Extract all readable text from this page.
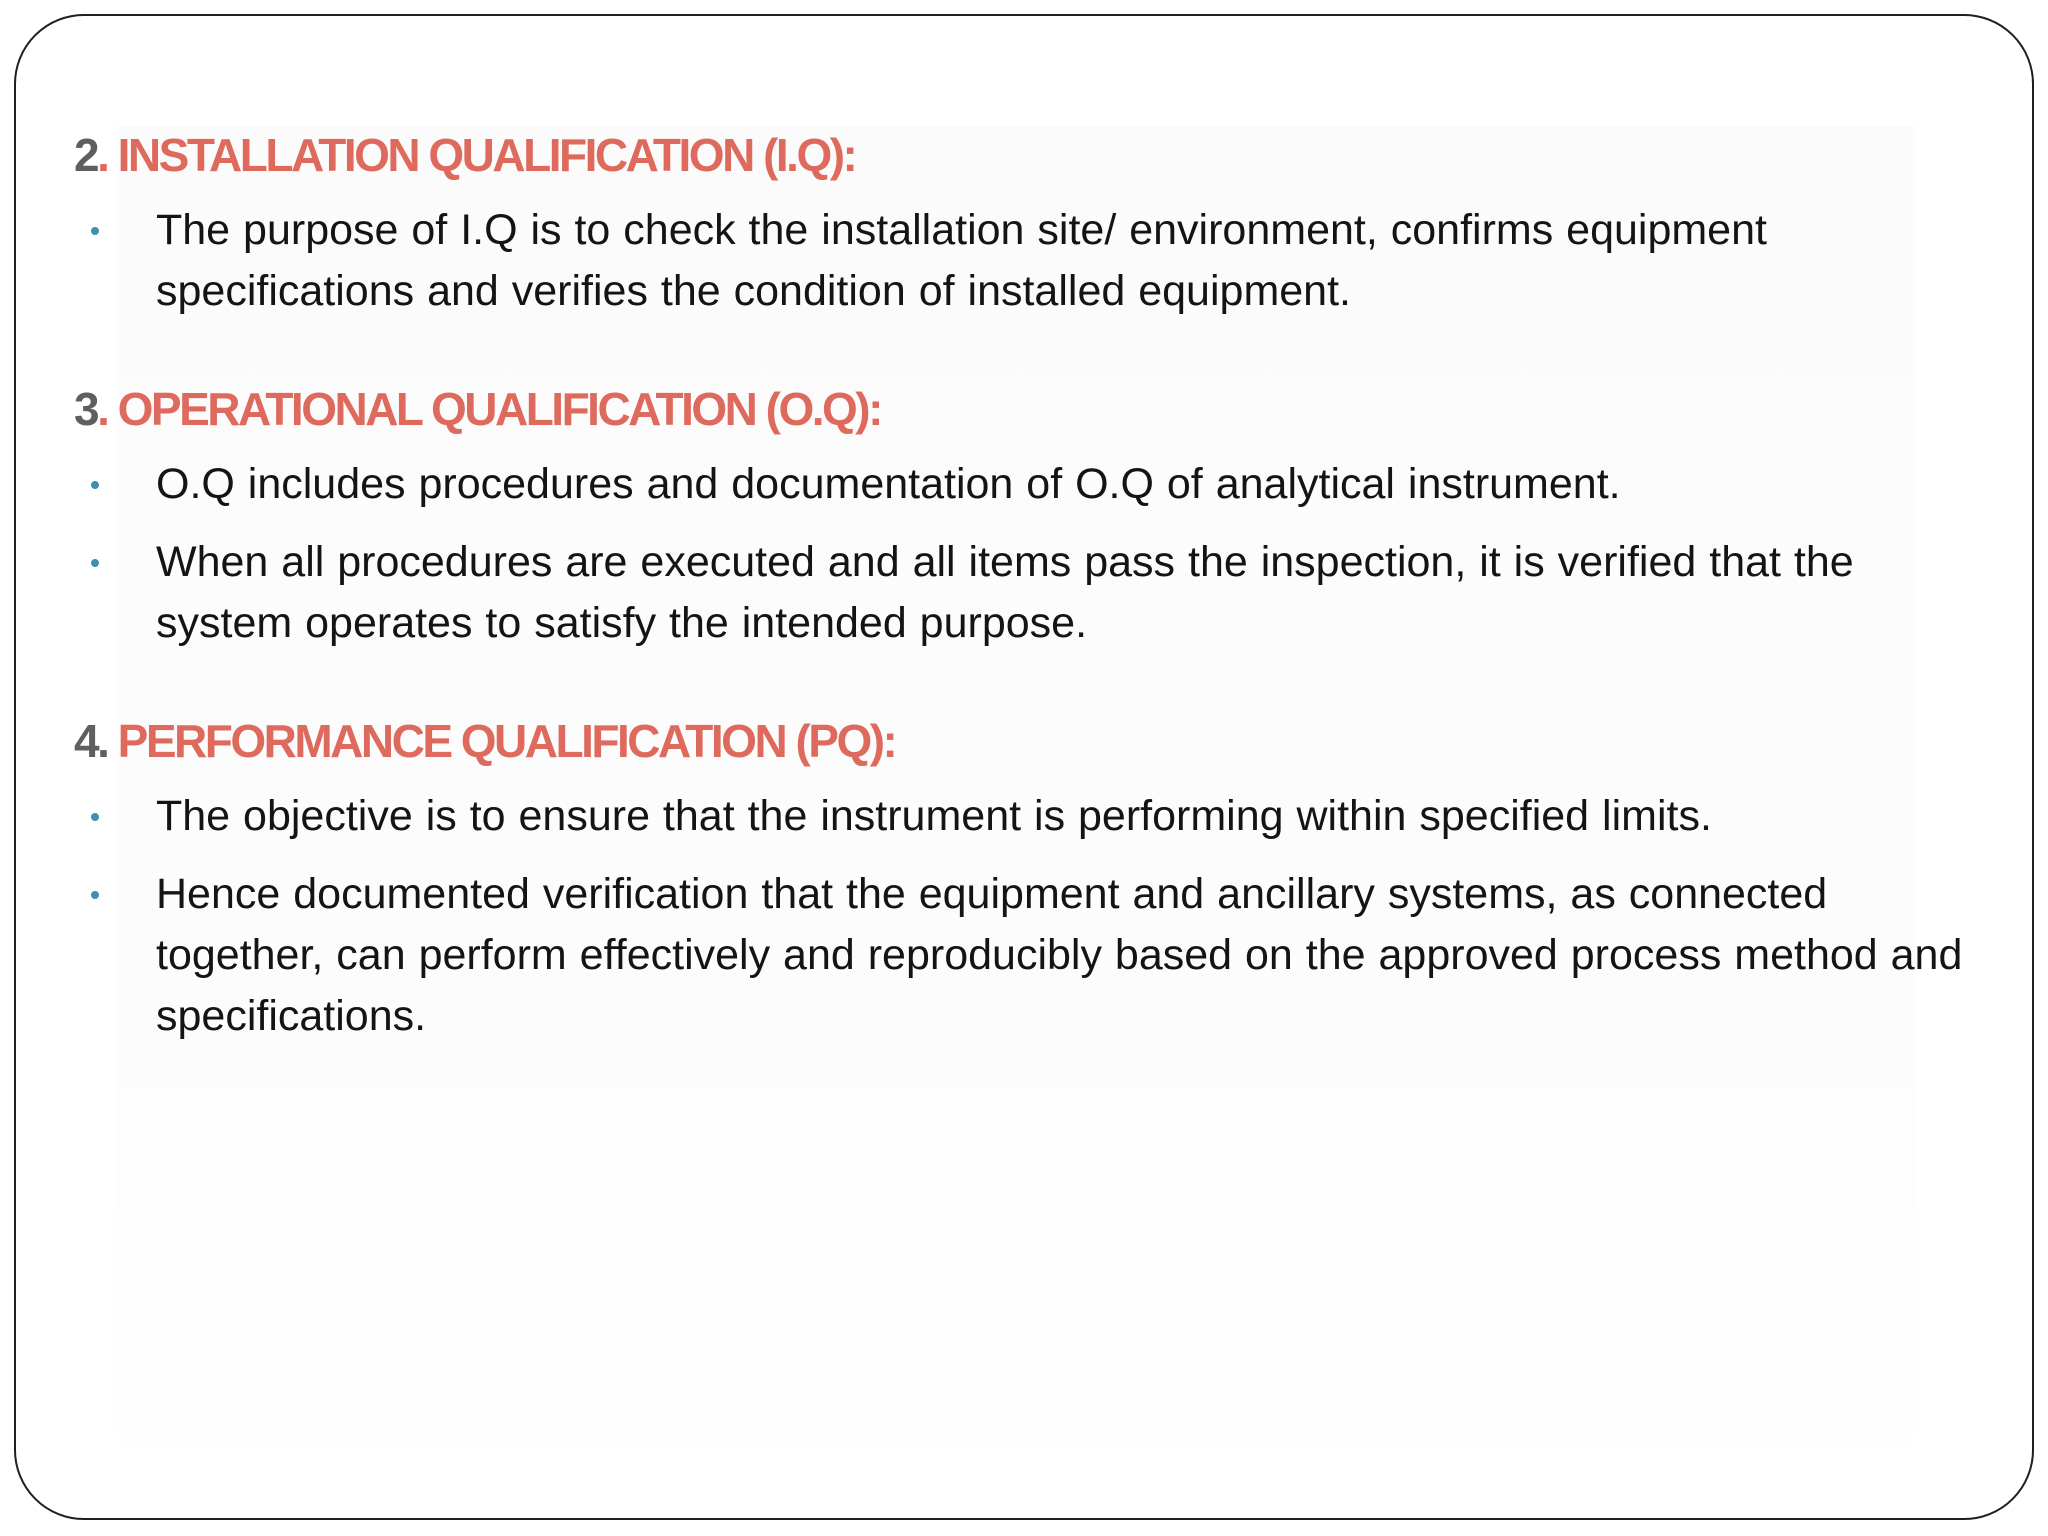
2. INSTALLATION QUALIFICATION (I.Q):
The purpose of I.Q is to check the installation site/ environment, confirms equipment specifications and verifies the condition of installed equipment.
3. OPERATIONAL QUALIFICATION (O.Q):
O.Q includes procedures and documentation of O.Q of analytical instrument.
When all procedures are executed and all items pass the inspection, it is verified that the system operates to satisfy the intended purpose.
4. PERFORMANCE QUALIFICATION (PQ):
The objective is to ensure that the instrument is performing within specified limits.
Hence documented verification that the equipment and ancillary systems, as connected together, can perform effectively and reproducibly based on the approved process method and specifications.
